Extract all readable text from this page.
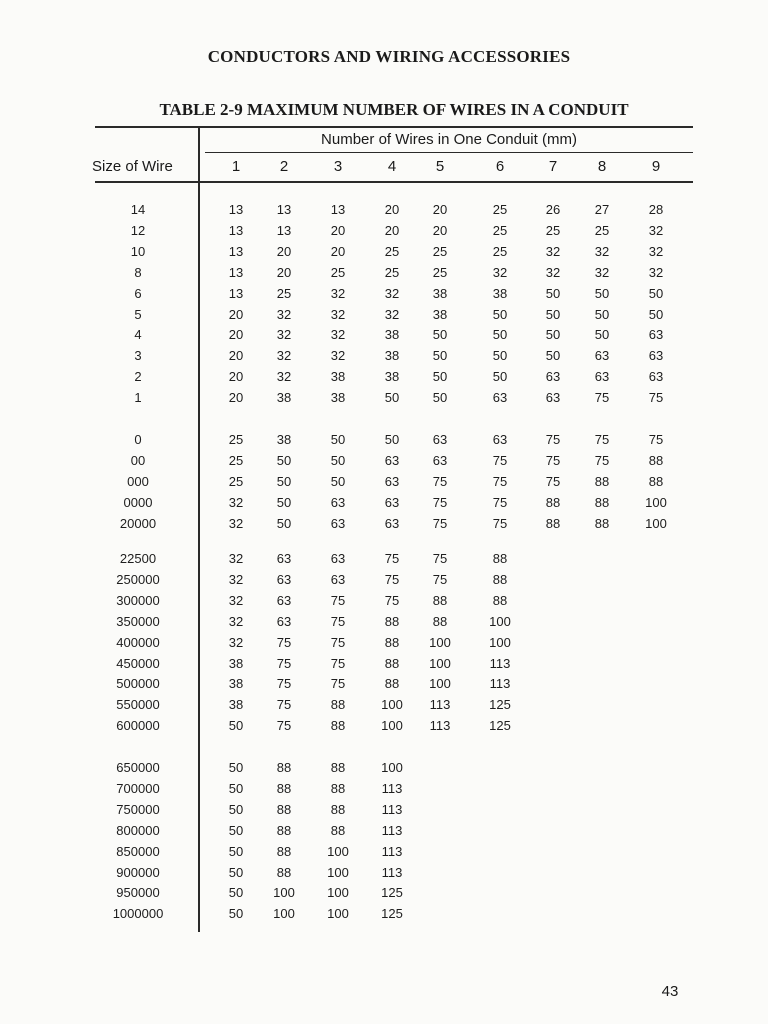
CONDUCTORS AND WIRING ACCESSORIES
TABLE 2-9 MAXIMUM NUMBER OF WIRES IN A CONDUIT
Number of Wires in One Conduit (mm)
Size of Wire	1	2	3	4	5	6	7	8	9
14	13	13	13	20	20	25	26	27	28
12	13	13	20	20	20	25	25	25	32
10	13	20	20	25	25	25	32	32	32
8	13	20	25	25	25	32	32	32	32
6	13	25	32	32	38	38	50	50	50
5	20	32	32	32	38	50	50	50	50
4	20	32	32	38	50	50	50	50	63
3	20	32	32	38	50	50	50	63	63
2	20	32	38	38	50	50	63	63	63
1	20	38	38	50	50	63	63	75	75
0	25	38	50	50	63	63	75	75	75
00	25	50	50	63	63	75	75	75	88
000	25	50	50	63	75	75	75	88	88
0000	32	50	63	63	75	75	88	88	100
20000	32	50	63	63	75	75	88	88	100
22500	32	63	63	75	75	88
250000	32	63	63	75	75	88
300000	32	63	75	75	88	88
350000	32	63	75	88	88	100
400000	32	75	75	88	100	100
450000	38	75	75	88	100	113
500000	38	75	75	88	100	113
550000	38	75	88	100	113	125
600000	50	75	88	100	113	125
650000	50	88	88	100
700000	50	88	88	113
750000	50	88	88	113
800000	50	88	88	113
850000	50	88	100	113
900000	50	88	100	113
950000	50	100	100	125
1000000	50	100	100	125
43
